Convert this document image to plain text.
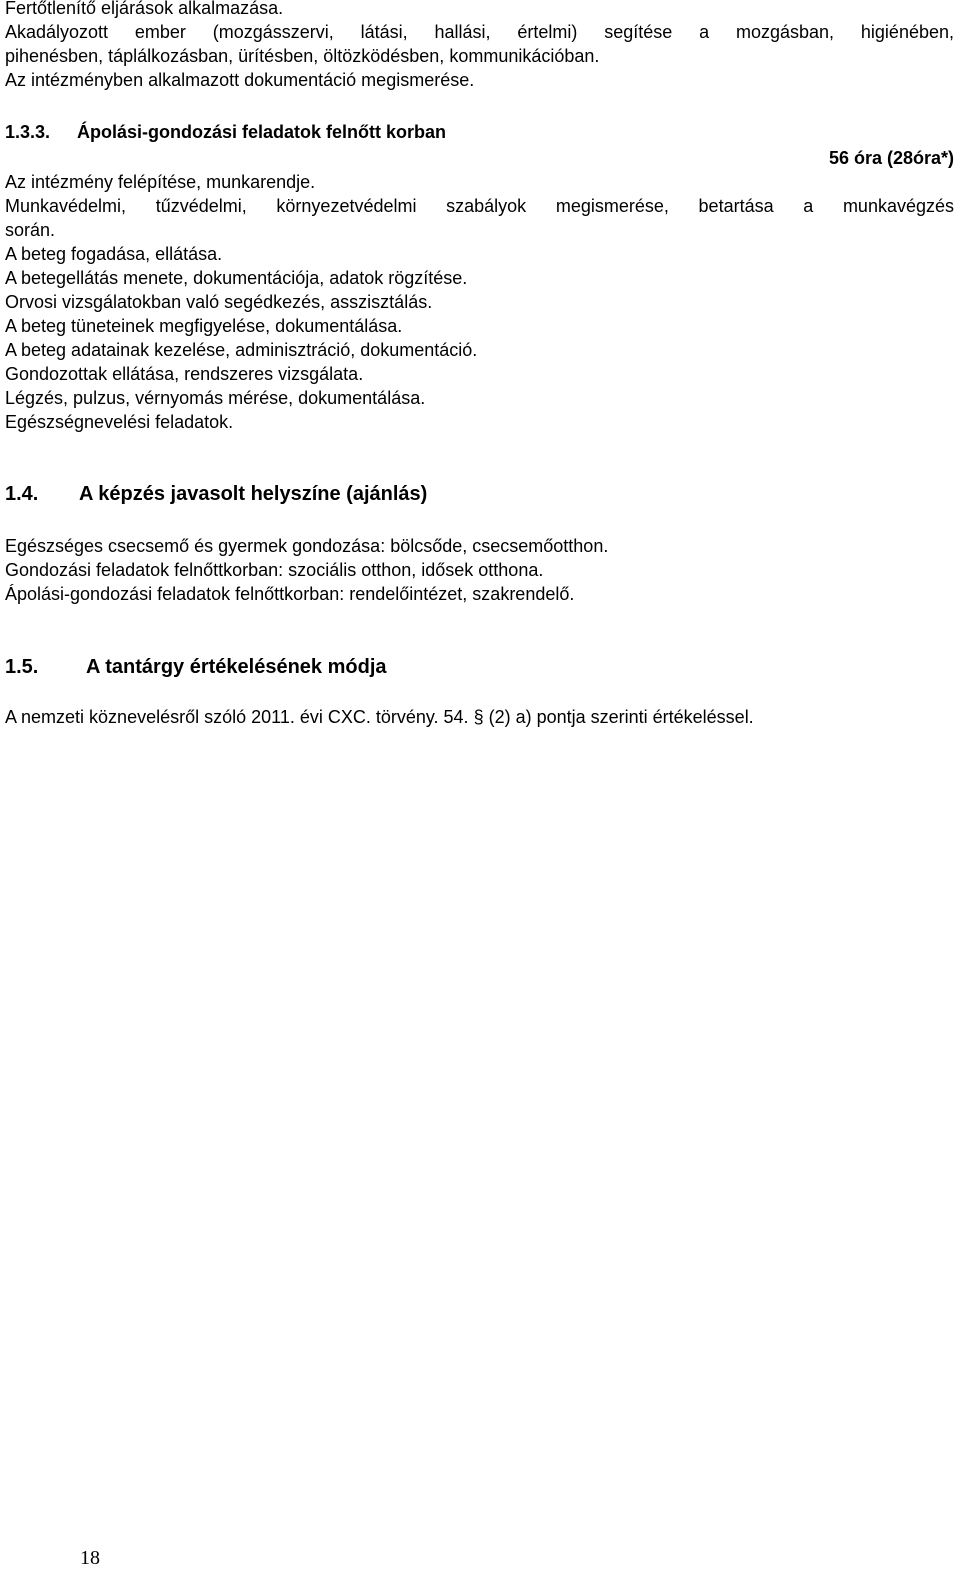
Fertőtlenítő eljárások alkalmazása.
Akadályozott ember (mozgásszervi, látási, hallási, értelmi) segítése a mozgásban, higiénében,
pihenésben, táplálkozásban, ürítésben, öltözködésben, kommunikációban.
Az intézményben alkalmazott dokumentáció megismerése.
1.3.3. Ápolási-gondozási feladatok felnőtt korban
56 óra (28óra*)
Az intézmény felépítése, munkarendje.
Munkavédelmi, tűzvédelmi, környezetvédelmi szabályok megismerése, betartása a munkavégzés
során.
A beteg fogadása, ellátása.
A betegellátás menete, dokumentációja, adatok rögzítése.
Orvosi vizsgálatokban való segédkezés, asszisztálás.
A beteg tüneteinek megfigyelése, dokumentálása.
A beteg adatainak kezelése, adminisztráció, dokumentáció.
Gondozottak ellátása, rendszeres vizsgálata.
Légzés, pulzus, vérnyomás mérése, dokumentálása.
Egészségnevelési feladatok.
1.4. A képzés javasolt helyszíne (ajánlás)
Egészséges csecsemő és gyermek gondozása: bölcsőde, csecsemőotthon.
Gondozási feladatok felnőttkorban: szociális otthon, idősek otthona.
Ápolási-gondozási feladatok felnőttkorban: rendelőintézet, szakrendelő.
1.5. A tantárgy értékelésének módja
A nemzeti köznevelésről szóló 2011. évi CXC. törvény. 54. § (2) a) pontja szerinti értékeléssel.
18
